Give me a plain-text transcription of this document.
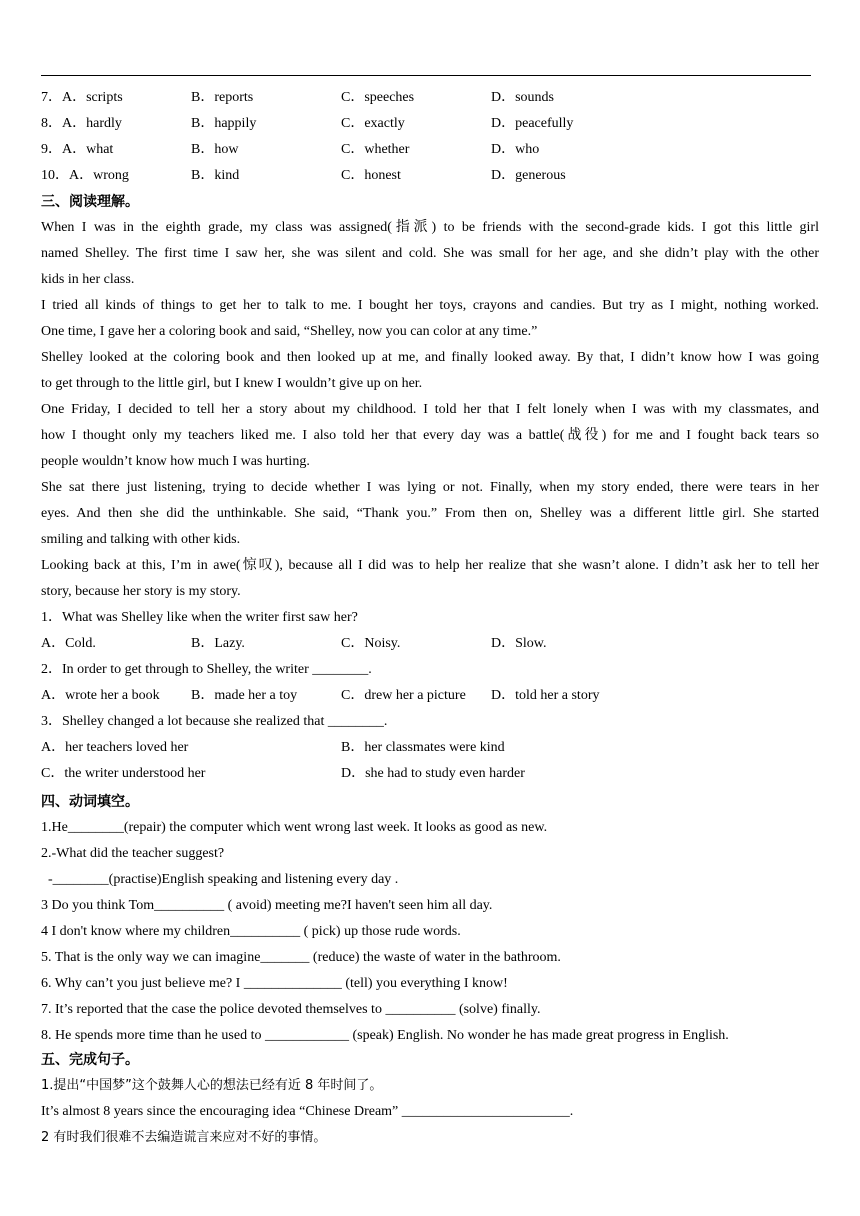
7．A．scripts	B．reports	C．speeches	D．sounds
8．A．hardly	B．happily	C．exactly	D．peacefully
9．A．what	B．how	C．whether	D．who
10．A．wrong	B．kind	C．honest	D．generous
三、阅读理解。
When I was in the eighth grade, my class was assigned(指派) to be friends with the second-grade kids. I got this little girl
named Shelley. The first time I saw her, she was silent and cold. She was small for her age, and she didn’t play with the other
kids in her class.
I tried all kinds of things to get her to talk to me. I bought her toys, crayons and candies. But try as I might, nothing worked.
One time, I gave her a coloring book and said, “Shelley, now you can color at any time.”
Shelley looked at the coloring book and then looked up at me, and finally looked away. By that, I didn’t know how I was going
to get through to the little girl, but I knew I wouldn’t give up on her.
One Friday, I decided to tell her a story about my childhood. I told her that I felt lonely when I was with my classmates, and
how I thought only my teachers liked me. I also told her that every day was a battle(战役) for me and I fought back tears so
people wouldn’t know how much I was hurting.
She sat there just listening, trying to decide whether I was lying or not. Finally, when my story ended, there were tears in her
eyes. And then she did the unthinkable. She said, “Thank you.” From then on, Shelley was a different little girl. She started
smiling and talking with other kids.
Looking back at this, I’m in awe(惊叹), because all I did was to help her realize that she wasn’t alone. I didn’t ask her to tell her
story, because her story is my story.
1．What was Shelley like when the writer first saw her?
A．Cold.	B．Lazy.	C．Noisy.	D．Slow.
2．In order to get through to Shelley, the writer ________.
A．wrote her a book B．made her a toy	C．drew her a picture D．told her a story
3．Shelley changed a lot because she realized that ________.
A．her teachers loved her	B．her classmates were kind
C．the writer understood her	D．she had to study even harder
四、动词填空。
1.He________(repair) the computer which went wrong last week. It looks as good as new.
2.-What did the teacher suggest?
-________(practise)English speaking and listening every day .
3 Do you think Tom__________ ( avoid) meeting me?I haven't seen him all day.
4 I don't know where my children__________ ( pick) up those rude words.
5. That is the only way we can imagine_______ (reduce) the waste of water in the bathroom.
6. Why can’t you just believe me? I ______________ (tell) you everything I know!
7. It’s reported that the case the police devoted themselves to __________ (solve) finally.
8. He spends more time than he used to ____________ (speak) English. No wonder he has made great progress in English.
五、完成句子。
1.提出“中国梦”这个鼓舞人心的想法已经有近 8 年时间了。
It’s almost 8 years since the encouraging idea “Chinese Dream” ________________________.
2 有时我们很难不去编造谎言来应对不好的事情。
